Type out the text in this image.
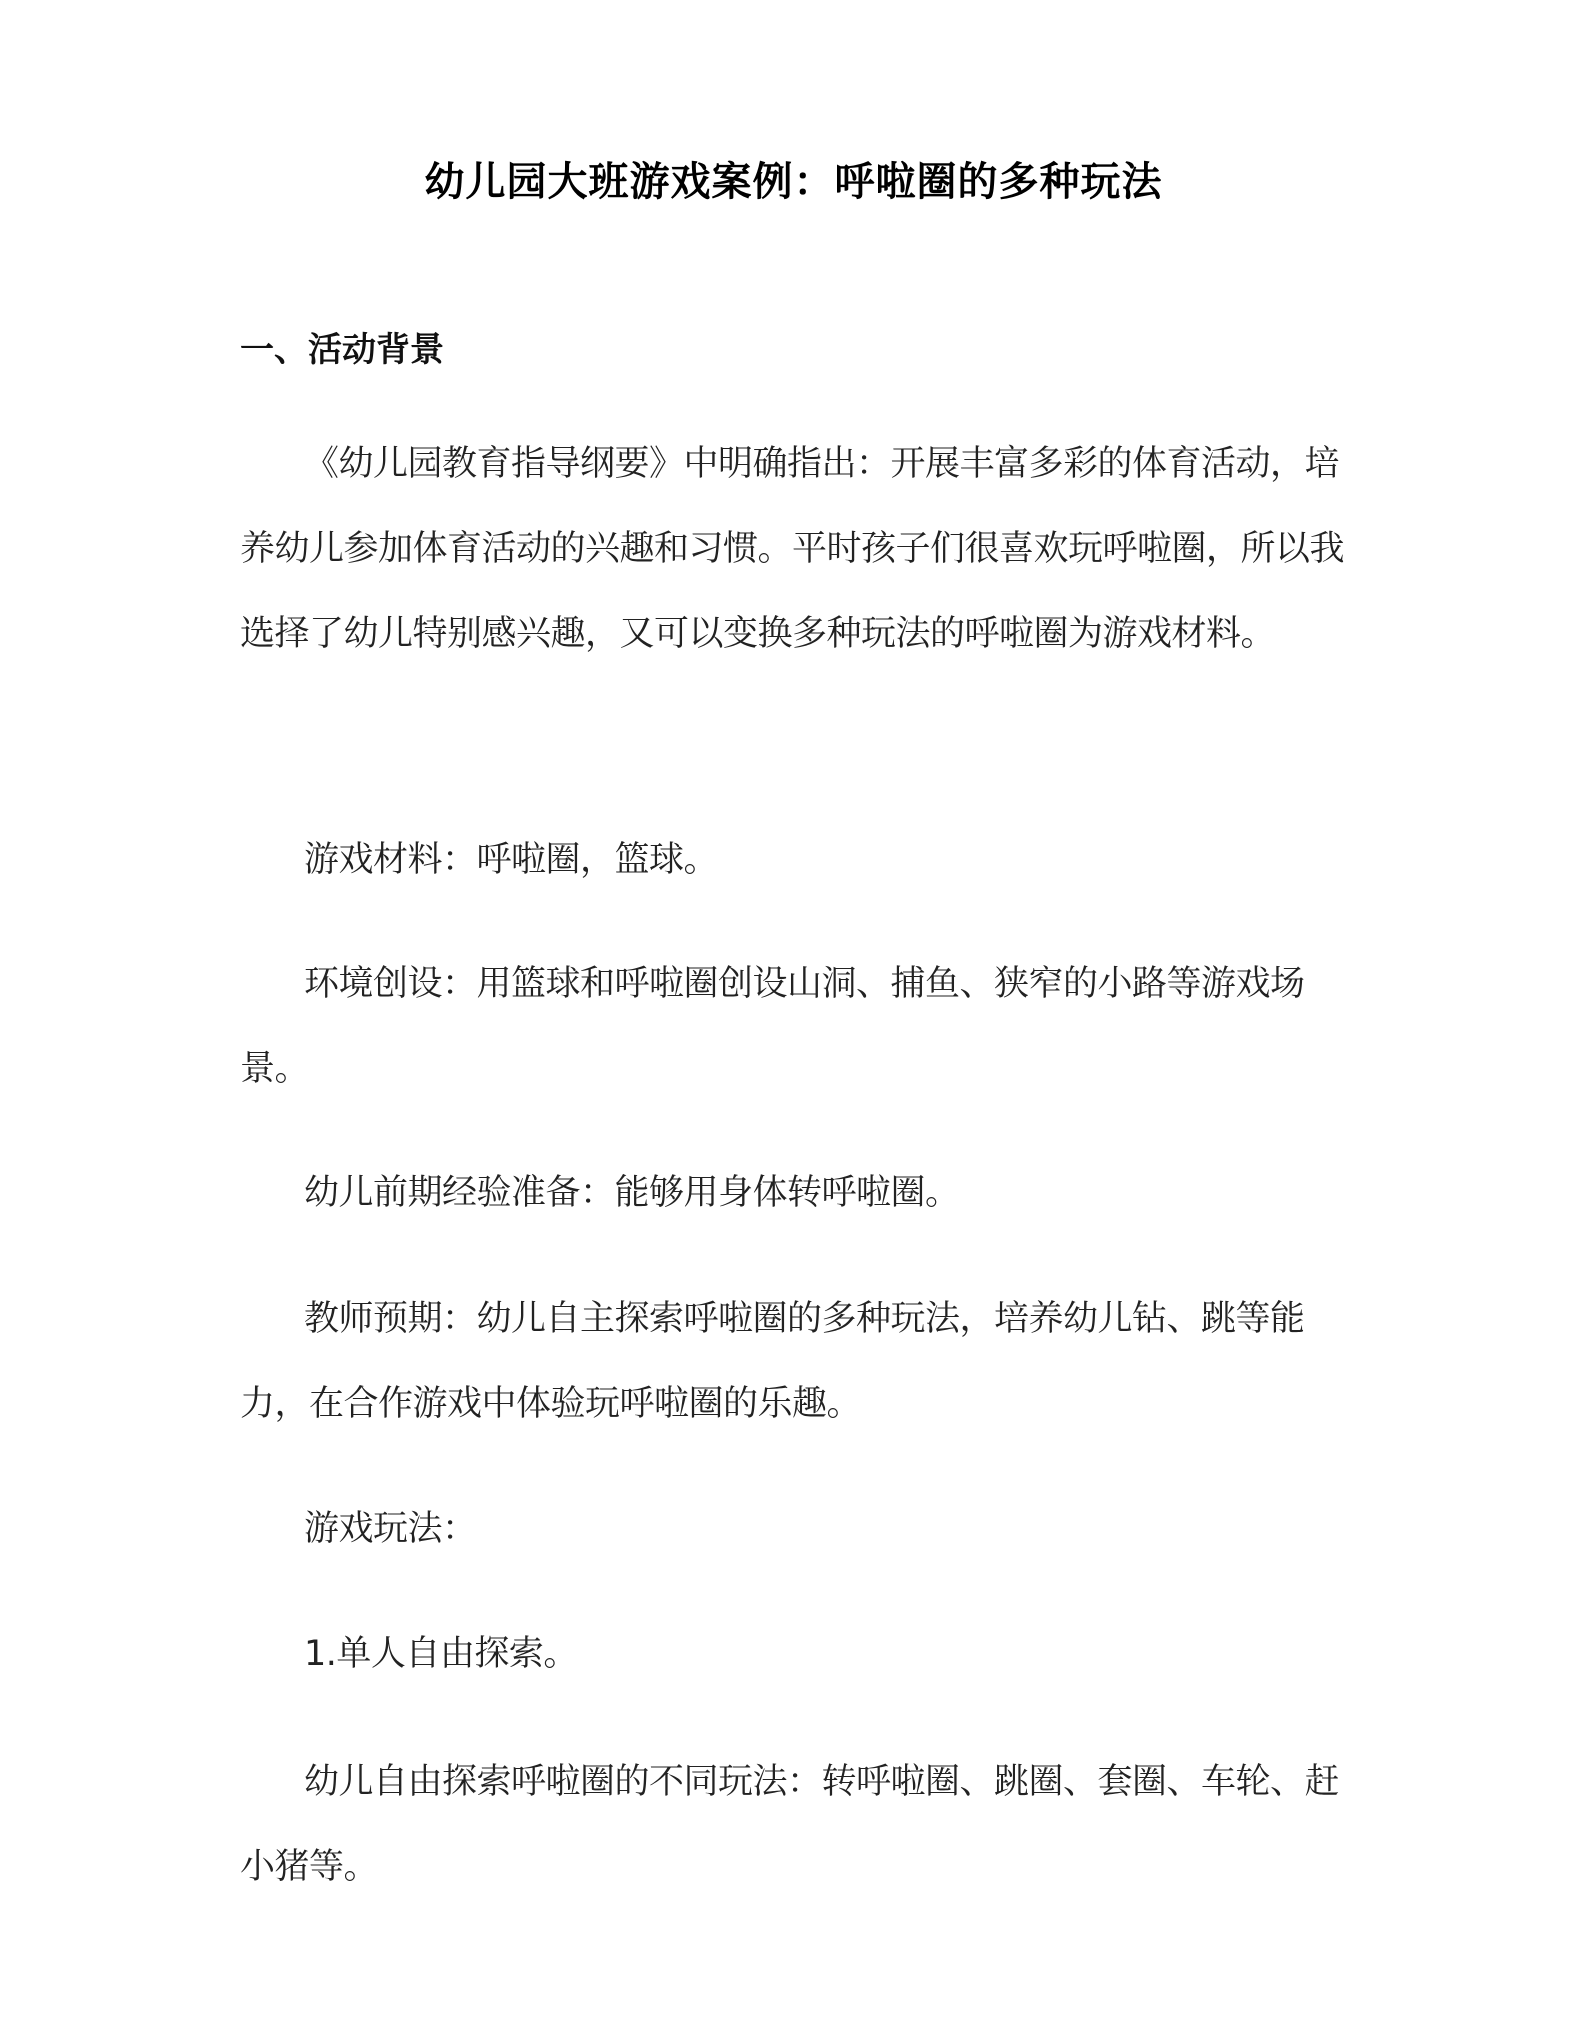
幼儿园大班游戏案例：呼啦圈的多种玩法
一、活动背景

《幼儿园教育指导纲要》中明确指出：开展丰富多彩的体育活动，培养幼儿参加体育活动的兴趣和习惯。平时孩子们很喜欢玩呼啦圈，所以我选择了幼儿特别感兴趣，又可以变换多种玩法的呼啦圈为游戏材料。

游戏材料：呼啦圈，篮球。

环境创设：用篮球和呼啦圈创设山洞、捕鱼、狭窄的小路等游戏场景。

幼儿前期经验准备：能够用身体转呼啦圈。

教师预期：幼儿自主探索呼啦圈的多种玩法，培养幼儿钻、跳等能力，在合作游戏中体验玩呼啦圈的乐趣。

游戏玩法：

1.单人自由探索。

幼儿自由探索呼啦圈的不同玩法：转呼啦圈、跳圈、套圈、车轮、赶小猪等。
